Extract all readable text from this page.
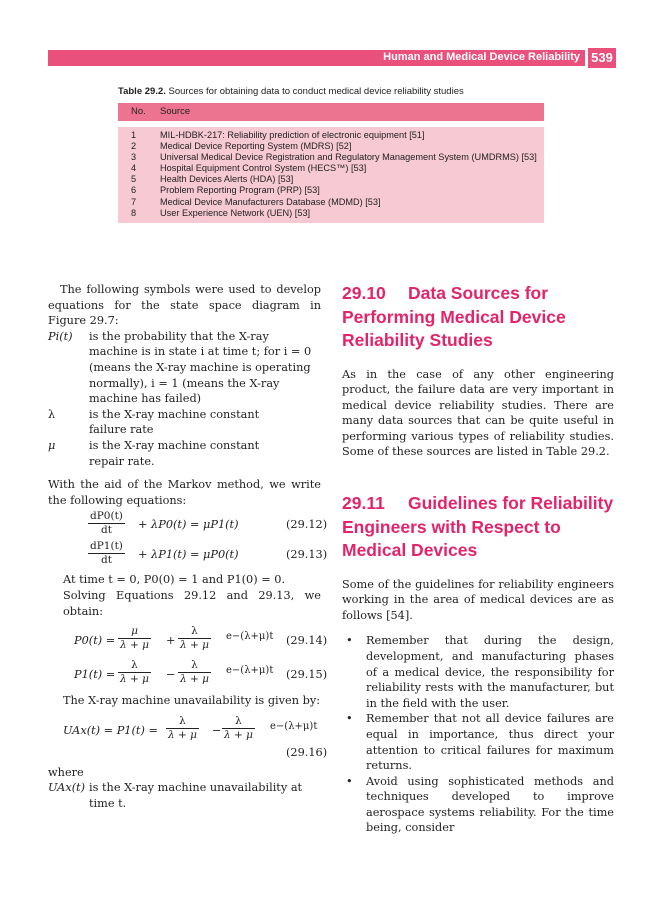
Human and Medical Device Reliability 539
Table 29.2. Sources for obtaining data to conduct medical device reliability studies
No. Source
1	MIL-HDBK-217: Reliability prediction of electronic equipment [51]
2	Medical Device Reporting System (MDRS) [52]
3	Universal Medical Device Registration and Regulatory Management System (UMDRMS) [53]
4	Hospital Equipment Control System (HECS™) [53]
5	Health Devices Alerts (HDA) [53]
6	Problem Reporting Program (PRP) [53]
7	Medical Device Manufacturers Database (MDMD) [53]
8	User Experience Network (UEN) [53]

The following symbols were used to develop equations for the state space diagram in Figure 29.7:

Pi(t)	is the probability that the X-ray machine is in state i at time t; for i = 0 (means the X-ray machine is operating normally), i = 1 (means the X-ray machine has failed)
λ	is the X-ray machine constant failure rate
μ	is the X-ray machine constant repair rate.

With the aid of the Markov method, we write the following equations:

$\frac{dP0(t)}{dt} + \lambda P0(t) = \mu P1(t)$	(29.12)
$\frac{dP1(t)}{dt} + \lambda P1(t) = \mu P0(t)$	(29.13)

At time t = 0, P0(0) = 1 and P1(0) = 0.

Solving Equations 29.12 and 29.13, we obtain:

$P0(t) = \frac{\mu}{\lambda + \mu} + \frac{\lambda}{\lambda + \mu} e-(\lambda+\mu)t$ (29.14)
$P1(t) = \frac{\lambda}{\lambda + \mu} - \frac{\lambda}{\lambda + \mu} e-(\lambda+\mu)t$ (29.15)

The X-ray machine unavailability is given by:

$UAx(t) = P1(t) = \frac{\lambda}{\lambda + \mu} - \frac{\lambda}{\lambda + \mu} e-(\lambda+\mu)t$
(29.16)

where

UAx(t) is the X-ray machine unavailability at time t.
29.10 Data Sources for Performing Medical Device Reliability Studies

As in the case of any other engineering product, the failure data are very important in medical device reliability studies. There are many data sources that can be quite useful in performing various types of reliability studies. Some of these sources are listed in Table 29.2.

29.11 Guidelines for Reliability Engineers with Respect to Medical Devices

Some of the guidelines for reliability engineers working in the area of medical devices are as follows [54].

•	Remember that during the design, development, and manufacturing phases of a medical device, the responsibility for reliability rests with the manufacturer, but in the field with the user.
•	Remember that not all device failures are equal in importance, thus direct your attention to critical failures for maximum returns.
•	Avoid using sophisticated methods and techniques developed to improve aerospace systems reliability. For the time being, consider
